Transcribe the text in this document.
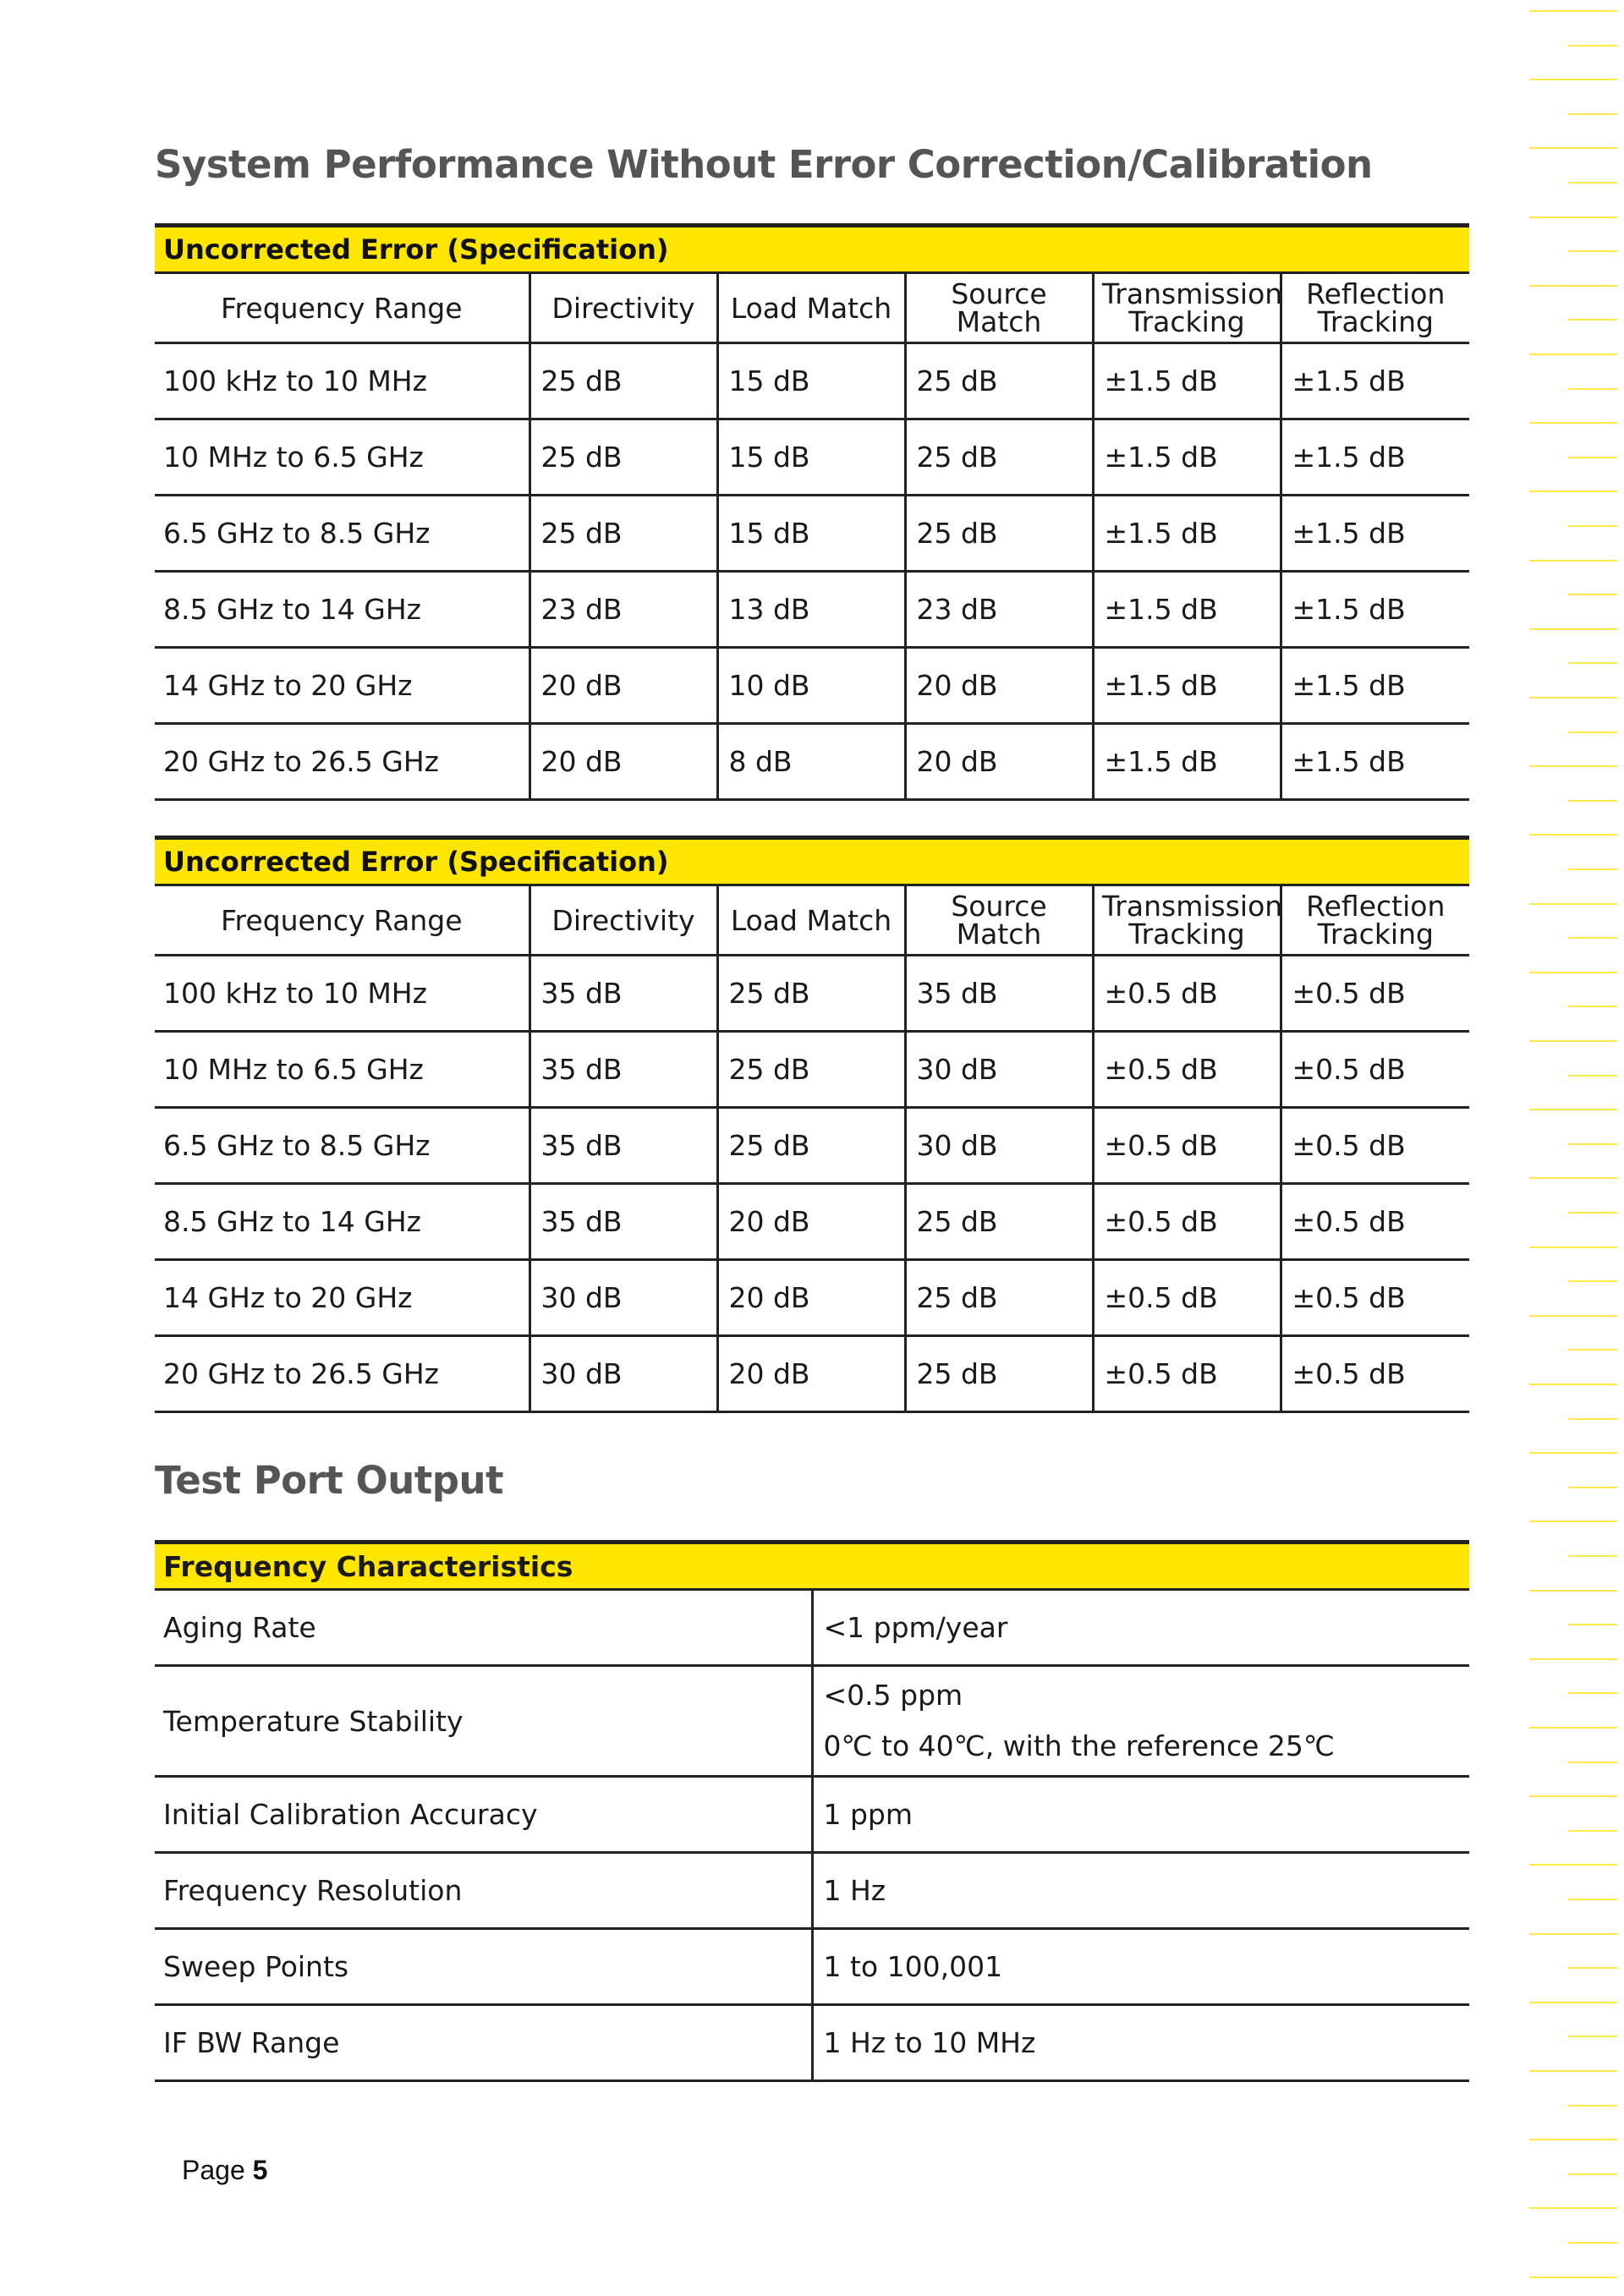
System Performance Without Error Correction/Calibration
Uncorrected Error (Specification)					
Frequency Range	Directivity	Load Match	Source Match	Transmission Tracking	Reflection Tracking

100 kHz to 10 MHz	25 dB	15 dB	25 dB	±1.5 dB	±1.5 dB
10 MHz to 6.5 GHz	25 dB	15 dB	25 dB	±1.5 dB	±1.5 dB
6.5 GHz to 8.5 GHz	25 dB	15 dB	25 dB	±1.5 dB	±1.5 dB
8.5 GHz to 14 GHz	23 dB	13 dB	23 dB	±1.5 dB	±1.5 dB
14 GHz to 20 GHz	20 dB	10 dB	20 dB	±1.5 dB	±1.5 dB
20 GHz to 26.5 GHz	20 dB	8 dB	20 dB	±1.5 dB	±1.5 dB
Uncorrected Error (Specification)					
Frequency Range	Directivity	Load Match	Source Match	Transmission Tracking	Reflection Tracking

100 kHz to 10 MHz	35 dB	25 dB	35 dB	±0.5 dB	±0.5 dB
10 MHz to 6.5 GHz	35 dB	25 dB	30 dB	±0.5 dB	±0.5 dB
6.5 GHz to 8.5 GHz	35 dB	25 dB	30 dB	±0.5 dB	±0.5 dB
8.5 GHz to 14 GHz	35 dB	20 dB	25 dB	±0.5 dB	±0.5 dB
14 GHz to 20 GHz	30 dB	20 dB	25 dB	±0.5 dB	±0.5 dB
20 GHz to 26.5 GHz	30 dB	20 dB	25 dB	±0.5 dB	±0.5 dB
Test Port Output
Frequency Characteristics	
Aging Rate	<1 ppm/year
Temperature Stability	<0.5 ppm
0℃ to 40℃, with the reference 25℃

Initial Calibration Accuracy	1 ppm
Frequency Resolution	1 Hz
Sweep Points	1 to 100,001
IF BW Range	1 Hz to 10 MHz
Page 5
